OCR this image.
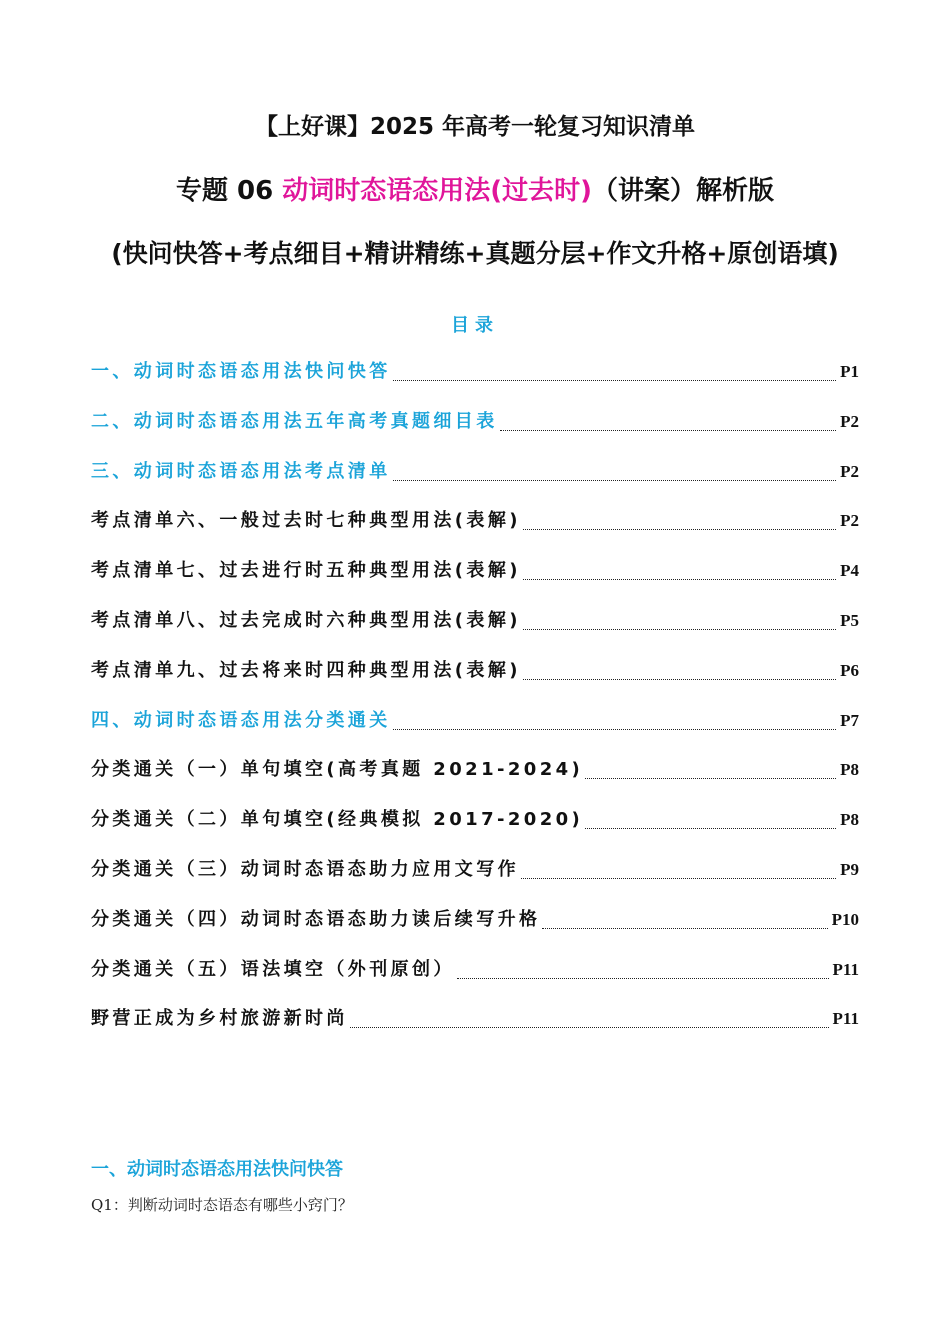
【上好课】2025 年高考一轮复习知识清单
专题 06 动词时态语态用法(过去时)（讲案）解析版
(快问快答+考点细目+精讲精练+真题分层+作文升格+原创语填)
目录
一、动词时态语态用法快问快答	P1
二、动词时态语态用法五年高考真题细目表	P2
三、动词时态语态用法考点清单	P2
考点清单六、一般过去时七种典型用法(表解)	P2
考点清单七、过去进行时五种典型用法(表解)	P4
考点清单八、过去完成时六种典型用法(表解)	P5
考点清单九、过去将来时四种典型用法(表解)	P6
四、动词时态语态用法分类通关	P7
分类通关（一）单句填空(高考真题 2021-2024)	P8
分类通关（二）单句填空(经典模拟 2017-2020)	P8
分类通关（三）动词时态语态助力应用文写作	P9
分类通关（四）动词时态语态助力读后续写升格	P10
分类通关（五）语法填空（外刊原创）	P11
野营正成为乡村旅游新时尚	P11
一、动词时态语态用法快问快答
Q1：判断动词时态语态有哪些小窍门？
